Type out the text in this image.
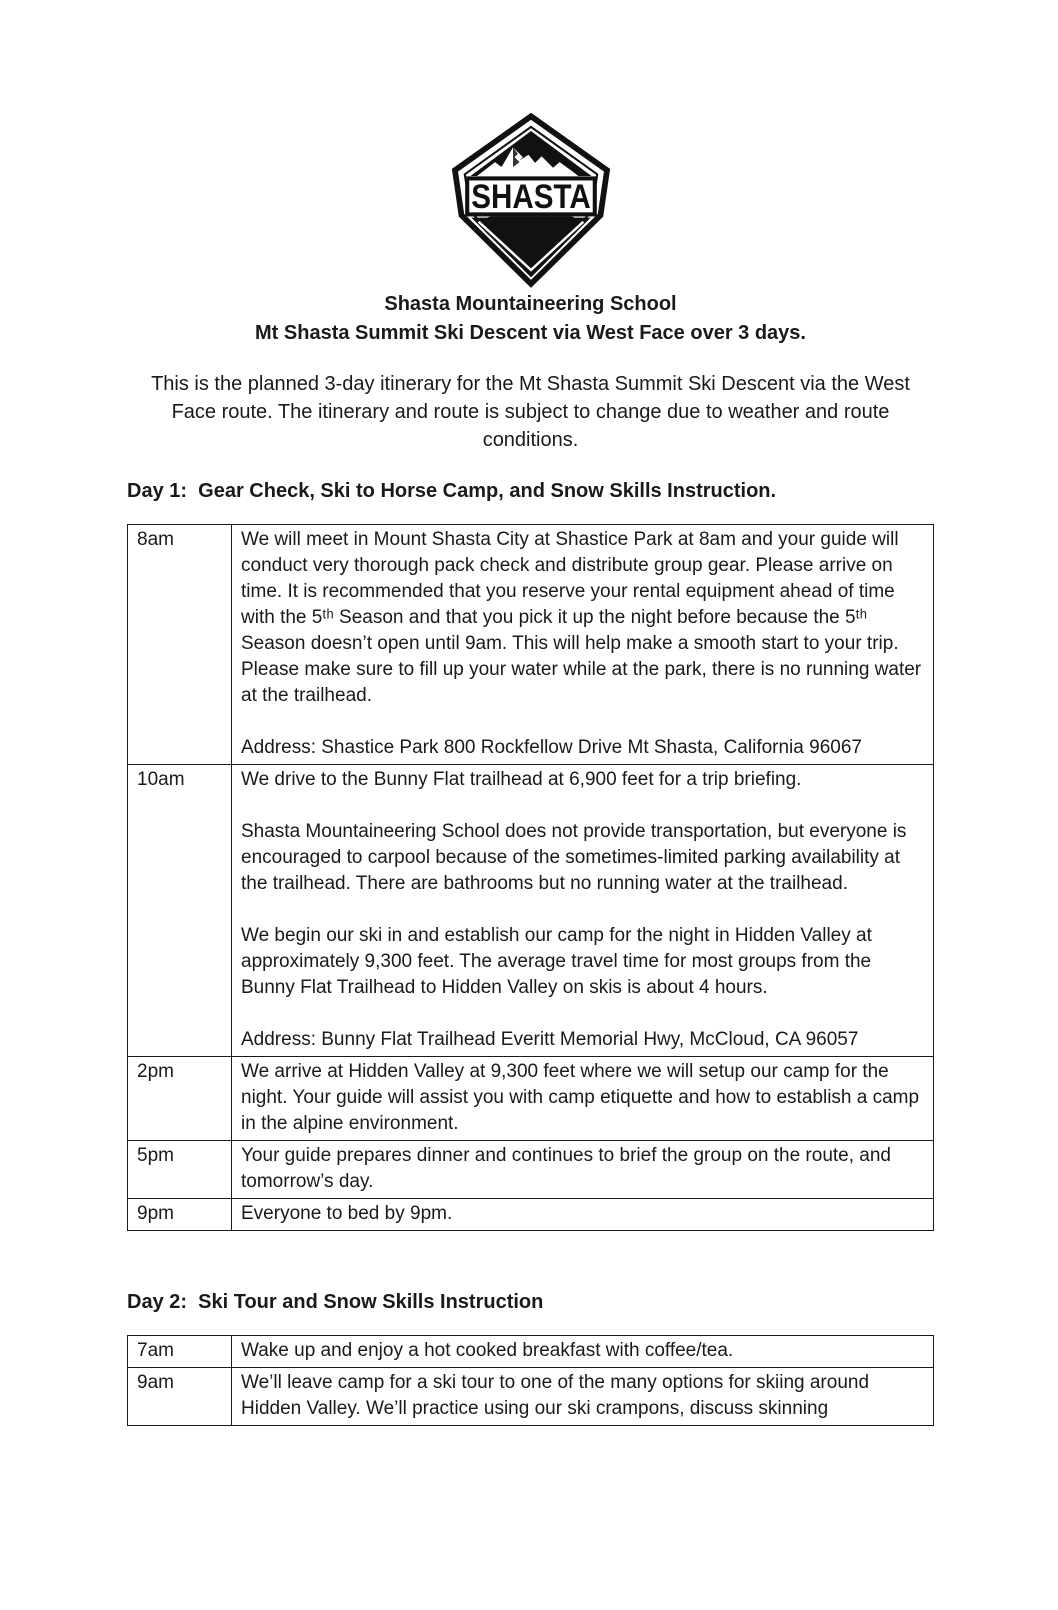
SHASTA
Shasta Mountaineering School
Mt Shasta Summit Ski Descent via West Face over 3 days.

This is the planned 3-day itinerary for the Mt Shasta Summit Ski Descent via the West Face route. The itinerary and route is subject to change due to weather and route conditions.

Day 1:  Gear Check, Ski to Horse Camp, and Snow Skills Instruction.
8am	We will meet in Mount Shasta City at Shastice Park at 8am and your guide will conduct very thorough pack check and distribute group gear. Please arrive on time. It is recommended that you reserve your rental equipment ahead of time with the 5ᵗʰ Season and that you pick it up the night before because the 5ᵗʰ Season doesn’t open until 9am. This will help make a smooth start to your trip. Please make sure to fill up your water while at the park, there is no running water at the trailhead.

Address: Shastice Park 800 Rockfellow Drive Mt Shasta, California 96067

10am	We drive to the Bunny Flat trailhead at 6,900 feet for a trip briefing.

Shasta Mountaineering School does not provide transportation, but everyone is encouraged to carpool because of the sometimes-limited parking availability at the trailhead. There are bathrooms but no running water at the trailhead.

We begin our ski in and establish our camp for the night in Hidden Valley at approximately 9,300 feet. The average travel time for most groups from the Bunny Flat Trailhead to Hidden Valley on skis is about 4 hours.

Address: Bunny Flat Trailhead Everitt Memorial Hwy, McCloud, CA 96057

2pm	We arrive at Hidden Valley at 9,300 feet where we will setup our camp for the night. Your guide will assist you with camp etiquette and how to establish a camp in the alpine environment.

5pm	Your guide prepares dinner and continues to brief the group on the route, and tomorrow’s day.

9pm	Everyone to bed by 9pm.

Day 2:  Ski Tour and Snow Skills Instruction
7am	Wake up and enjoy a hot cooked breakfast with coffee/tea.

9am	We’ll leave camp for a ski tour to one of the many options for skiing around Hidden Valley. We’ll practice using our ski crampons, discuss skinning
